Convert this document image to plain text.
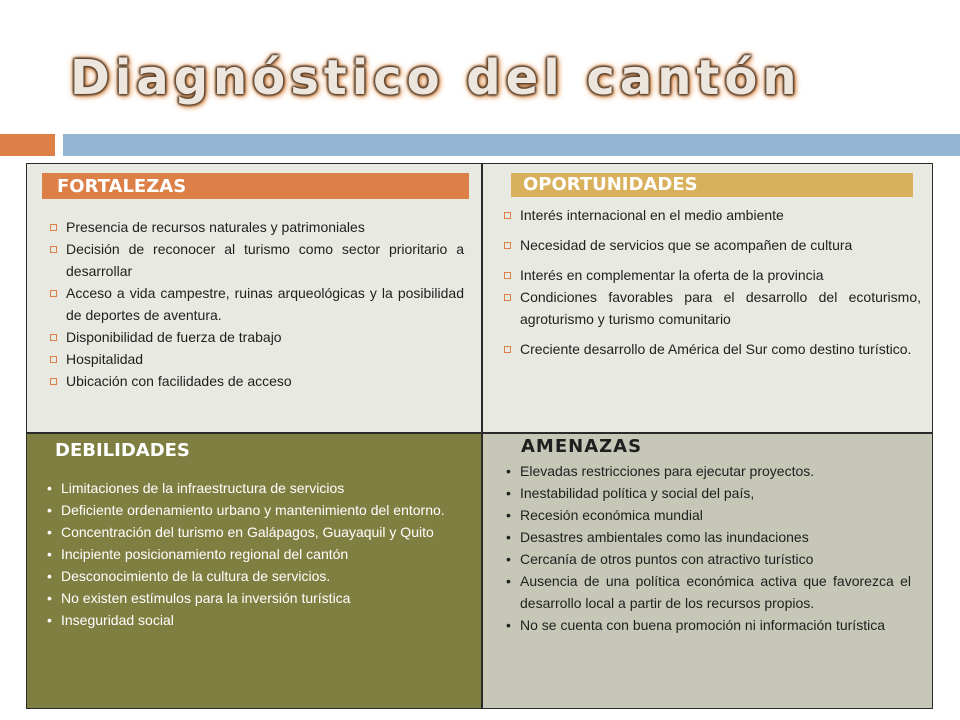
Diagnóstico del cantón
FORTALEZAS
Presencia de recursos naturales y patrimoniales
Decisión de reconocer al turismo como sector prioritario a desarrollar
Acceso a vida campestre, ruinas arqueológicas y la posibilidad de deportes de aventura.
Disponibilidad de fuerza de trabajo
Hospitalidad
Ubicación con facilidades de acceso
OPORTUNIDADES
Interés internacional en el medio ambiente
Necesidad de servicios que se acompañen de cultura
Interés en complementar la oferta de la provincia
Condiciones favorables para el desarrollo del ecoturismo, agroturismo y turismo comunitario
Creciente desarrollo de América del Sur como destino turístico.
DEBILIDADES
• Limitaciones de la infraestructura de servicios
• Deficiente ordenamiento urbano y mantenimiento del entorno.
• Concentración del turismo en Galápagos, Guayaquil y Quito
• Incipiente posicionamiento regional del cantón
• Desconocimiento de la cultura de servicios.
• No existen estímulos para la inversión turística
• Inseguridad social
AMENAZAS
• Elevadas restricciones para ejecutar proyectos.
• Inestabilidad política y social del país,
• Recesión económica mundial
• Desastres ambientales como las inundaciones
• Cercanía de otros puntos con atractivo turístico
• Ausencia de una política económica activa que favorezca el desarrollo local a partir de los recursos propios.
• No se cuenta con buena promoción ni información turística
